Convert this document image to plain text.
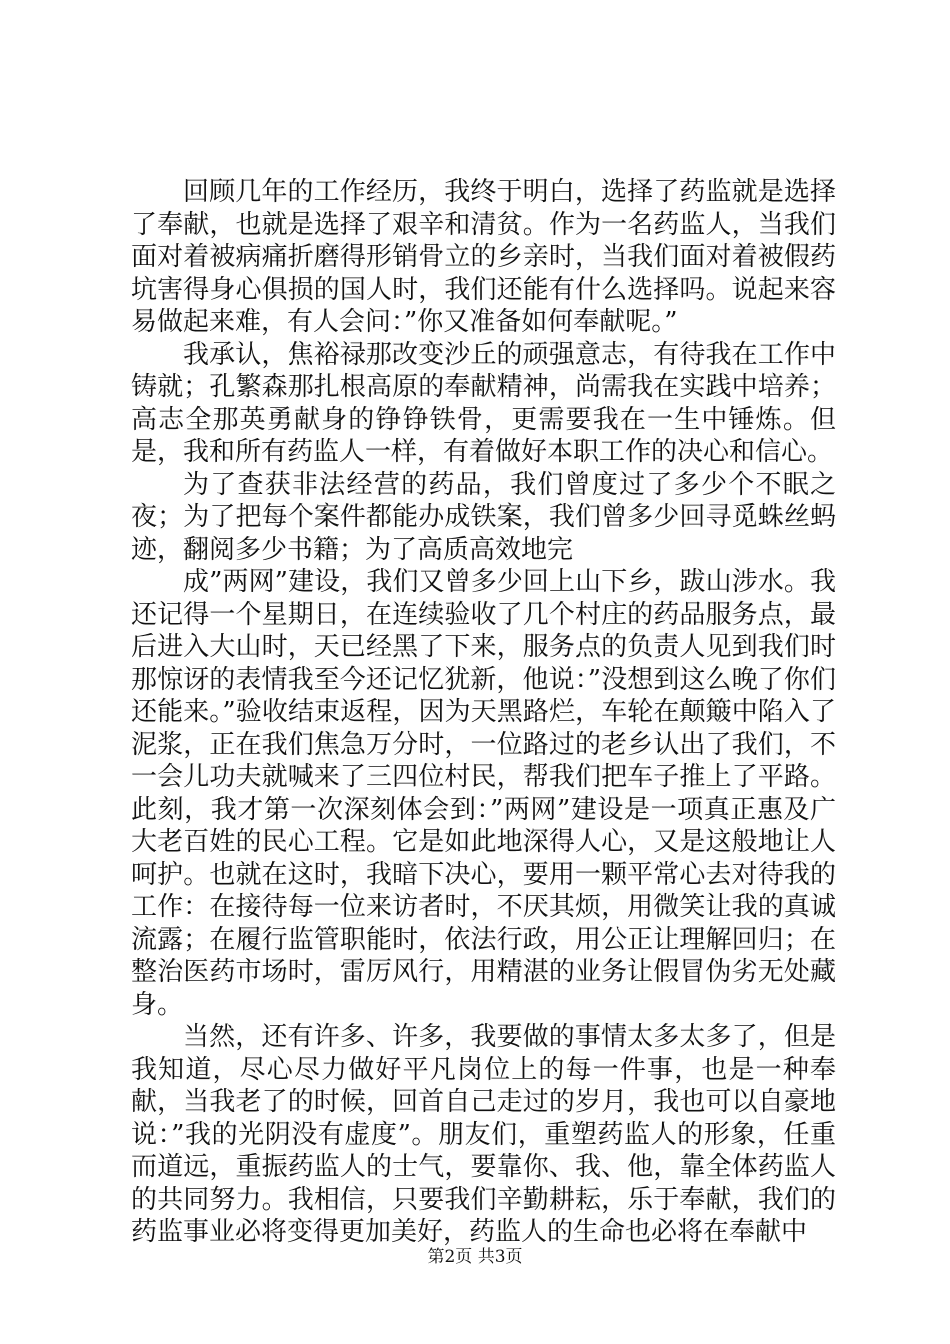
回顾几年的工作经历，我终于明白，选择了药监就是选择了奉献，也就是选择了艰辛和清贫。作为一名药监人，当我们面对着被病痛折磨得形销骨立的乡亲时，当我们面对着被假药坑害得身心俱损的国人时，我们还能有什么选择吗。说起来容易做起来难，有人会问：”你又准备如何奉献呢。”

我承认，焦裕禄那改变沙丘的顽强意志，有待我在工作中铸就；孔繁森那扎根高原的奉献精神，尚需我在实践中培养；高志全那英勇献身的铮铮铁骨，更需要我在一生中锤炼。但是，我和所有药监人一样，有着做好本职工作的决心和信心。

为了查获非法经营的药品，我们曾度过了多少个不眠之夜；为了把每个案件都能办成铁案，我们曾多少回寻觅蛛丝蚂迹，翻阅多少书籍；为了高质高效地完

成”两网”建设，我们又曾多少回上山下乡，跋山涉水。我还记得一个星期日，在连续验收了几个村庄的药品服务点，最后进入大山时，天已经黑了下来，服务点的负责人见到我们时那惊讶的表情我至今还记忆犹新，他说：”没想到这么晚了你们还能来。”验收结束返程，因为天黑路烂，车轮在颠簸中陷入了泥浆，正在我们焦急万分时，一位路过的老乡认出了我们，不一会儿功夫就喊来了三四位村民，帮我们把车子推上了平路。此刻，我才第一次深刻体会到：”两网”建设是一项真正惠及广大老百姓的民心工程。它是如此地深得人心，又是这般地让人呵护。也就在这时，我暗下决心，要用一颗平常心去对待我的工作：在接待每一位来访者时，不厌其烦，用微笑让我的真诚流露；在履行监管职能时，依法行政，用公正让理解回归；在整治医药市场时，雷厉风行，用精湛的业务让假冒伪劣无处藏身。

当然，还有许多、许多，我要做的事情太多太多了，但是我知道，尽心尽力做好平凡岗位上的每一件事，也是一种奉献，当我老了的时候，回首自己走过的岁月，我也可以自豪地说：”我的光阴没有虚度”。朋友们，重塑药监人的形象，任重而道远，重振药监人的士气，要靠你、我、他，靠全体药监人的共同努力。我相信，只要我们辛勤耕耘，乐于奉献，我们的药监事业必将变得更加美好，药监人的生命也必将在奉献中

第2页 共3页
